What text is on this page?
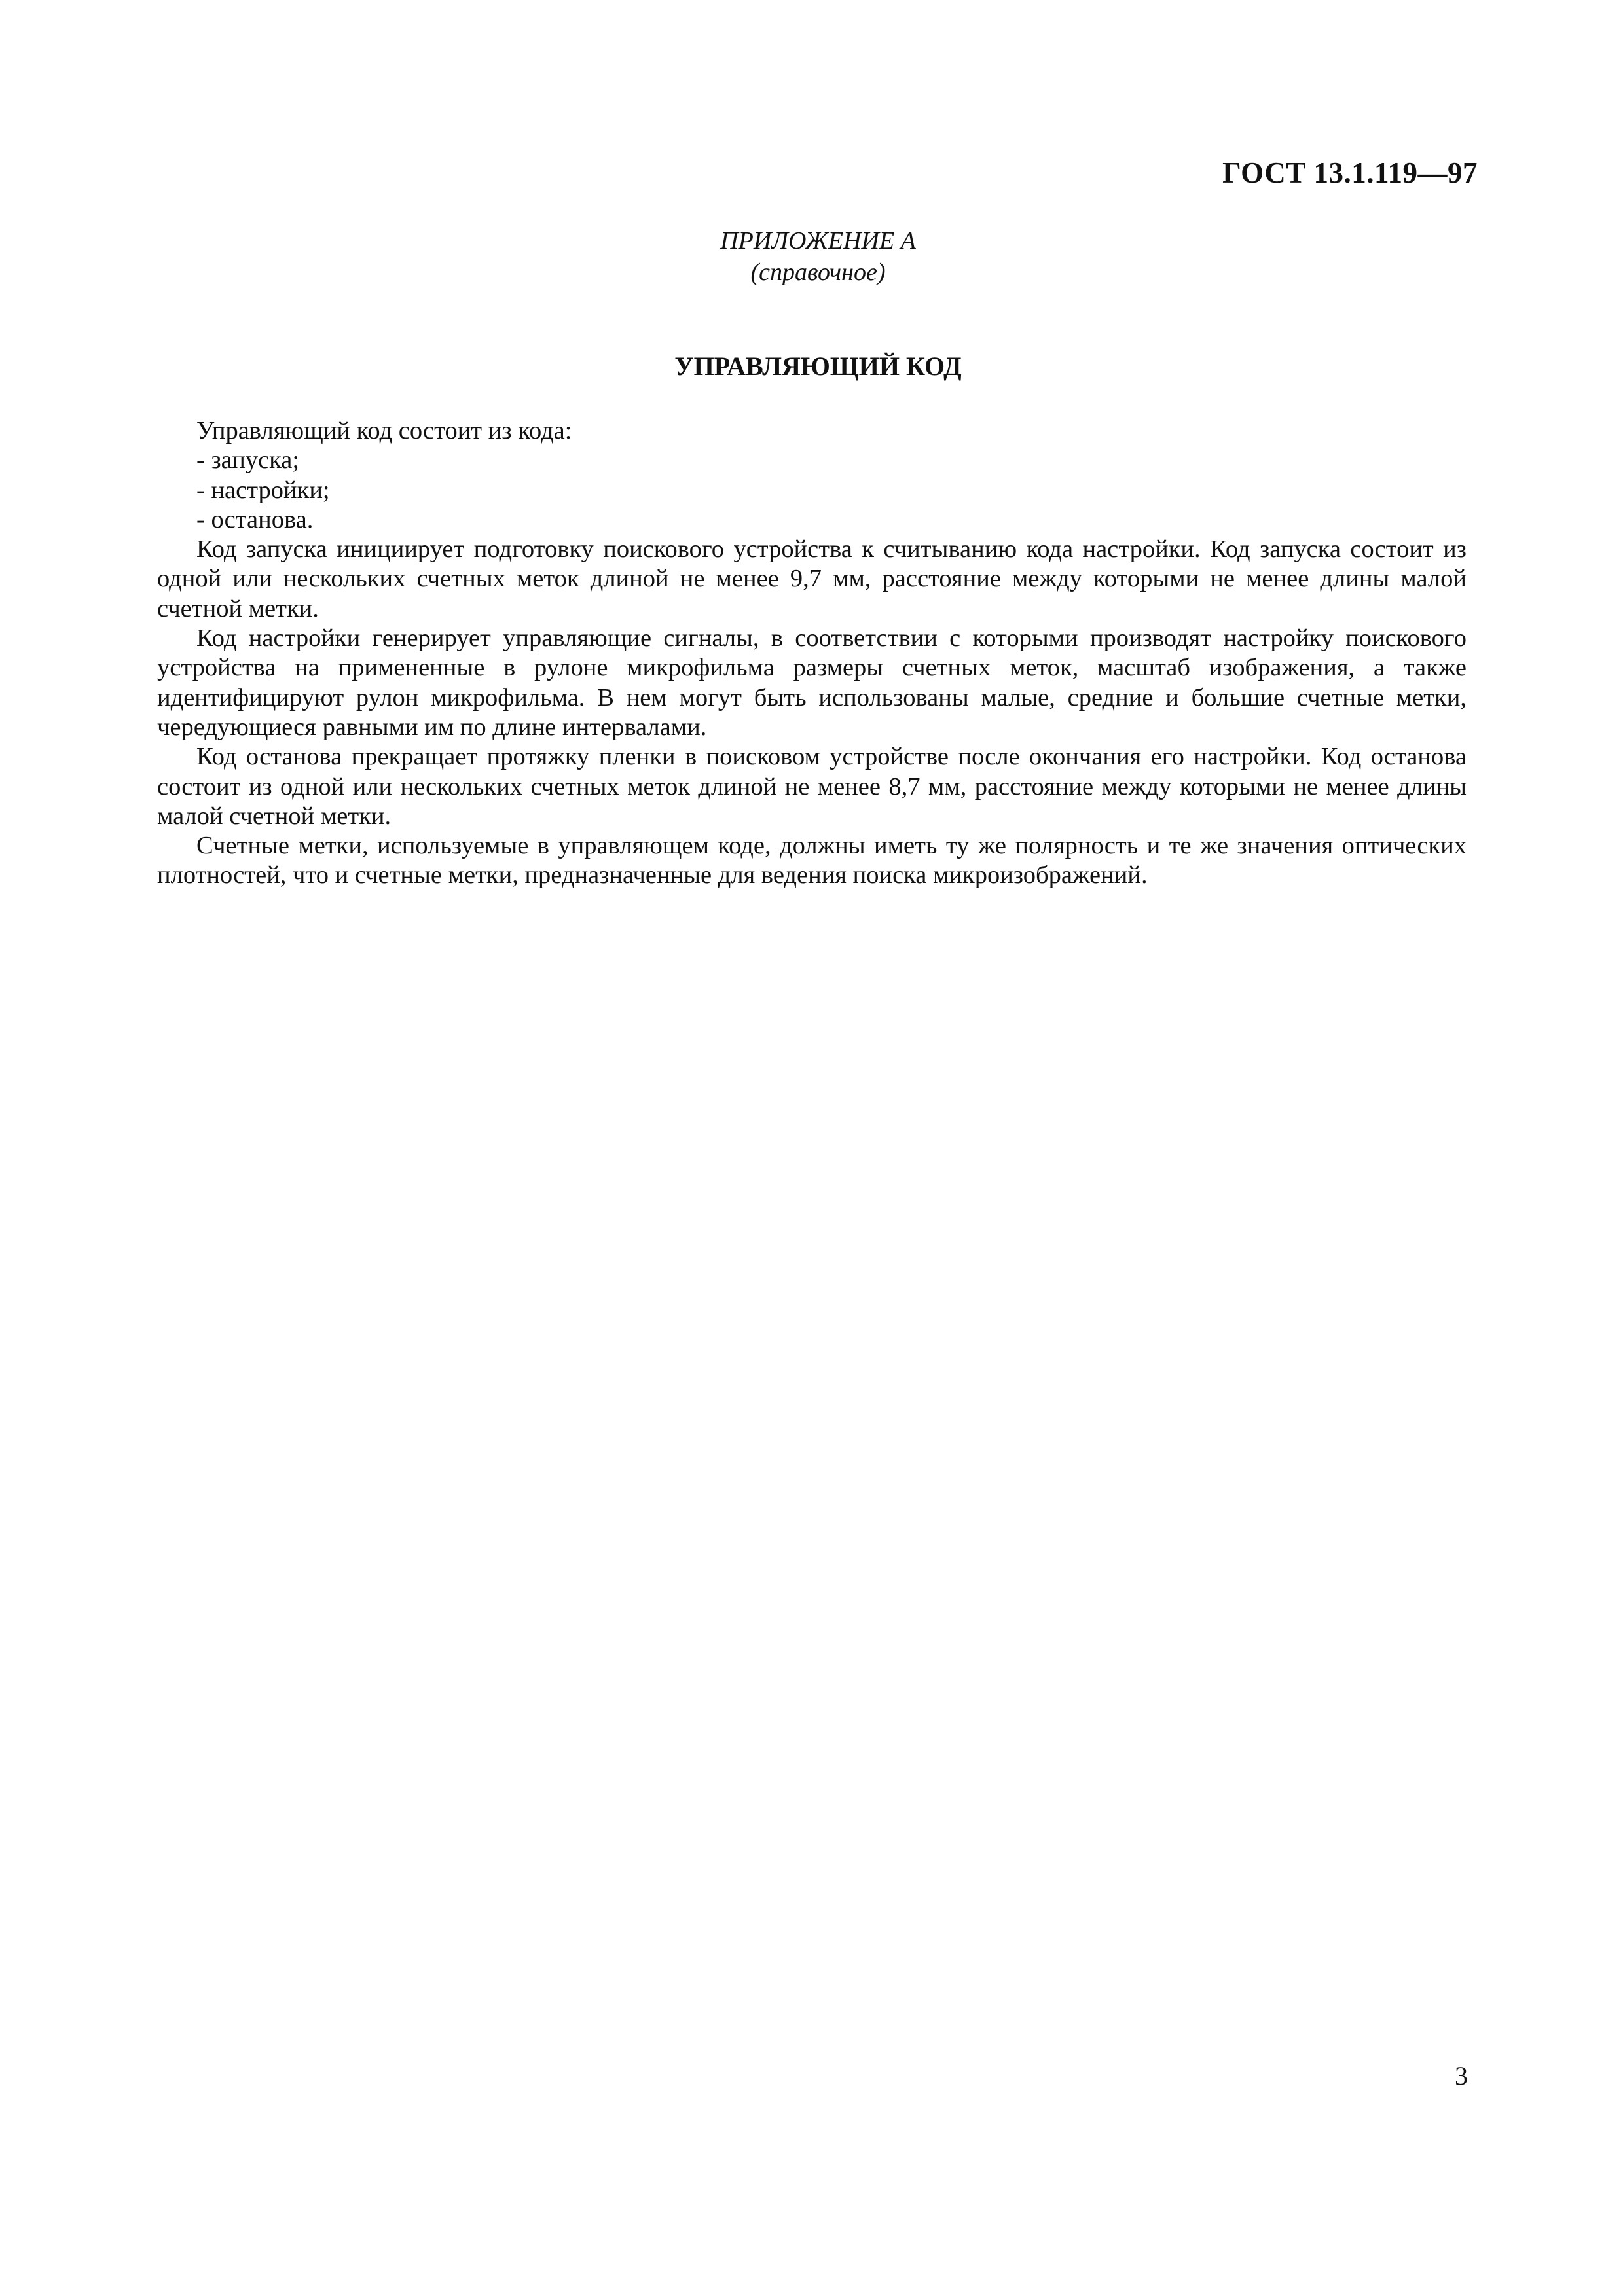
ГОСТ 13.1.119—97
ПРИЛОЖЕНИЕ А
(справочное)
УПРАВЛЯЮЩИЙ КОД

Управляющий код состоит из кода:

- запуска;
- настройки;
- останова.

Код запуска инициирует подготовку поискового устройства к считыванию кода настройки. Код запуска состоит из одной или нескольких счетных меток длиной не менее 9,7 мм, расстояние между которыми не менее длины малой счетной метки.

Код настройки генерирует управляющие сигналы, в соответствии с которыми производят настройку поискового устройства на примененные в рулоне микрофильма размеры счетных меток, масштаб изображения, а также идентифицируют рулон микрофильма. В нем могут быть использованы малые, средние и большие счетные метки, чередующиеся равными им по длине интервалами.

Код останова прекращает протяжку пленки в поисковом устройстве после окончания его настройки. Код останова состоит из одной или нескольких счетных меток длиной не менее 8,7 мм, расстояние между которыми не менее длины малой счетной метки.

Счетные метки, используемые в управляющем коде, должны иметь ту же полярность и те же значения оптических плотностей, что и счетные метки, предназначенные для ведения поиска микроизображений.

3
